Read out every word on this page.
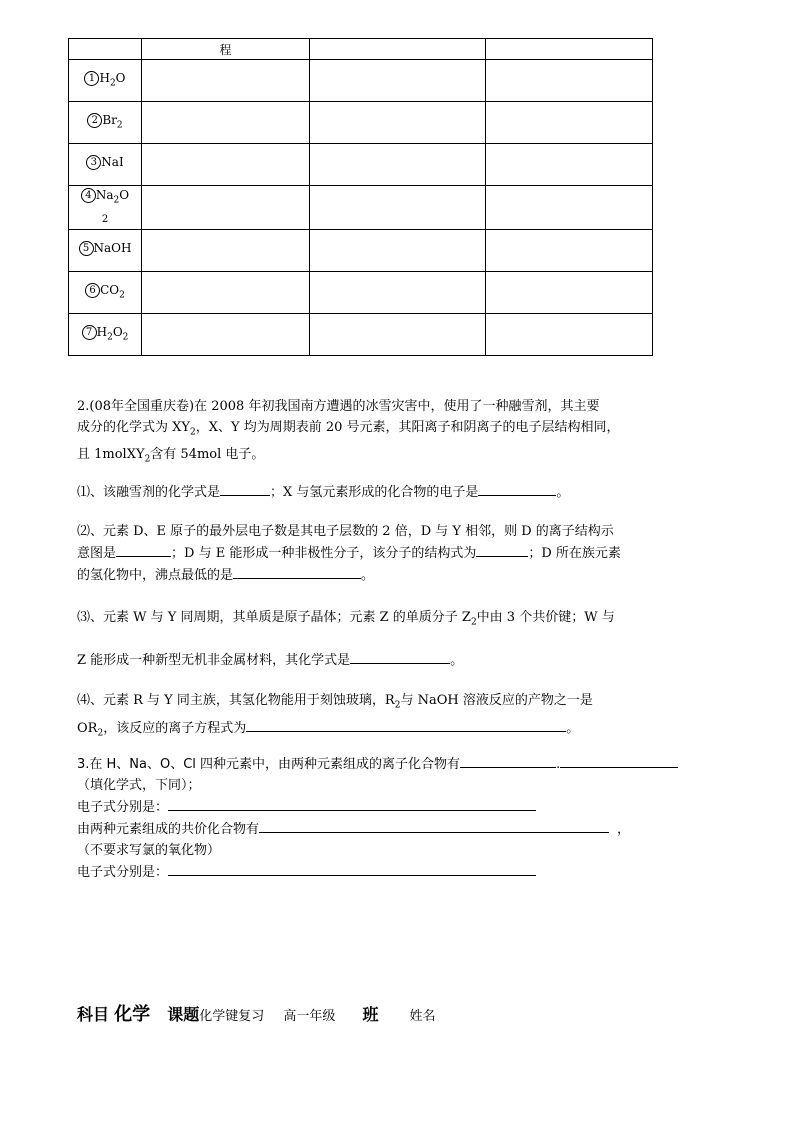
	程		
1 $H_2O$			
2 $Br_2$			
3 NaI			
4 $Na_2O$
2			
5 NaOH			
6 $CO_2$			
7 $H_2O_2$			
2.(08年全国重庆卷)在 2008 年初我国南方遭遇的冰雪灾害中，使用了一种融雪剂，其主要
成分的化学式为 $XY_2$，X、Y 均为周期表前 20 号元素，其阳离子和阴离子的电子层结构相同，
且 1molXY$_2$含有 54mol 电子。
⑴、该融雪剂的化学式是	；X 与氢元素形成的化合物的电子是	。
⑵、元素 D、E 原子的最外层电子数是其电子层数的 2 倍，D 与 Y 相邻，则 D 的离子结构示
意图是	；D 与 E 能形成一种非极性分子，该分子的结构式为	；D 所在族元素
的氢化物中，沸点最低的是	。
⑶、元素 W 与 Y 同周期，其单质是原子晶体；元素 Z 的单质分子 $Z_2$中由 3 个共价键；W 与
Z 能形成一种新型无机非金属材料，其化学式是	。
⑷、元素 R 与 Y 同主族，其氢化物能用于刻蚀玻璃，$R_2$与 NaOH 溶液反应的产物之一是
$OR_2$，该反应的离子方程式为	。
3.在 H、Na、O、Cl 四种元素中，由两种元素组成的离子化合物有	.
（填化学式，下同）；
电子式分别是：
由两种元素组成的共价化合物有	，
（不要求写氯的氧化物）
电子式分别是：
科目 化学 课题化学键复习 高一年级 班 姓名
